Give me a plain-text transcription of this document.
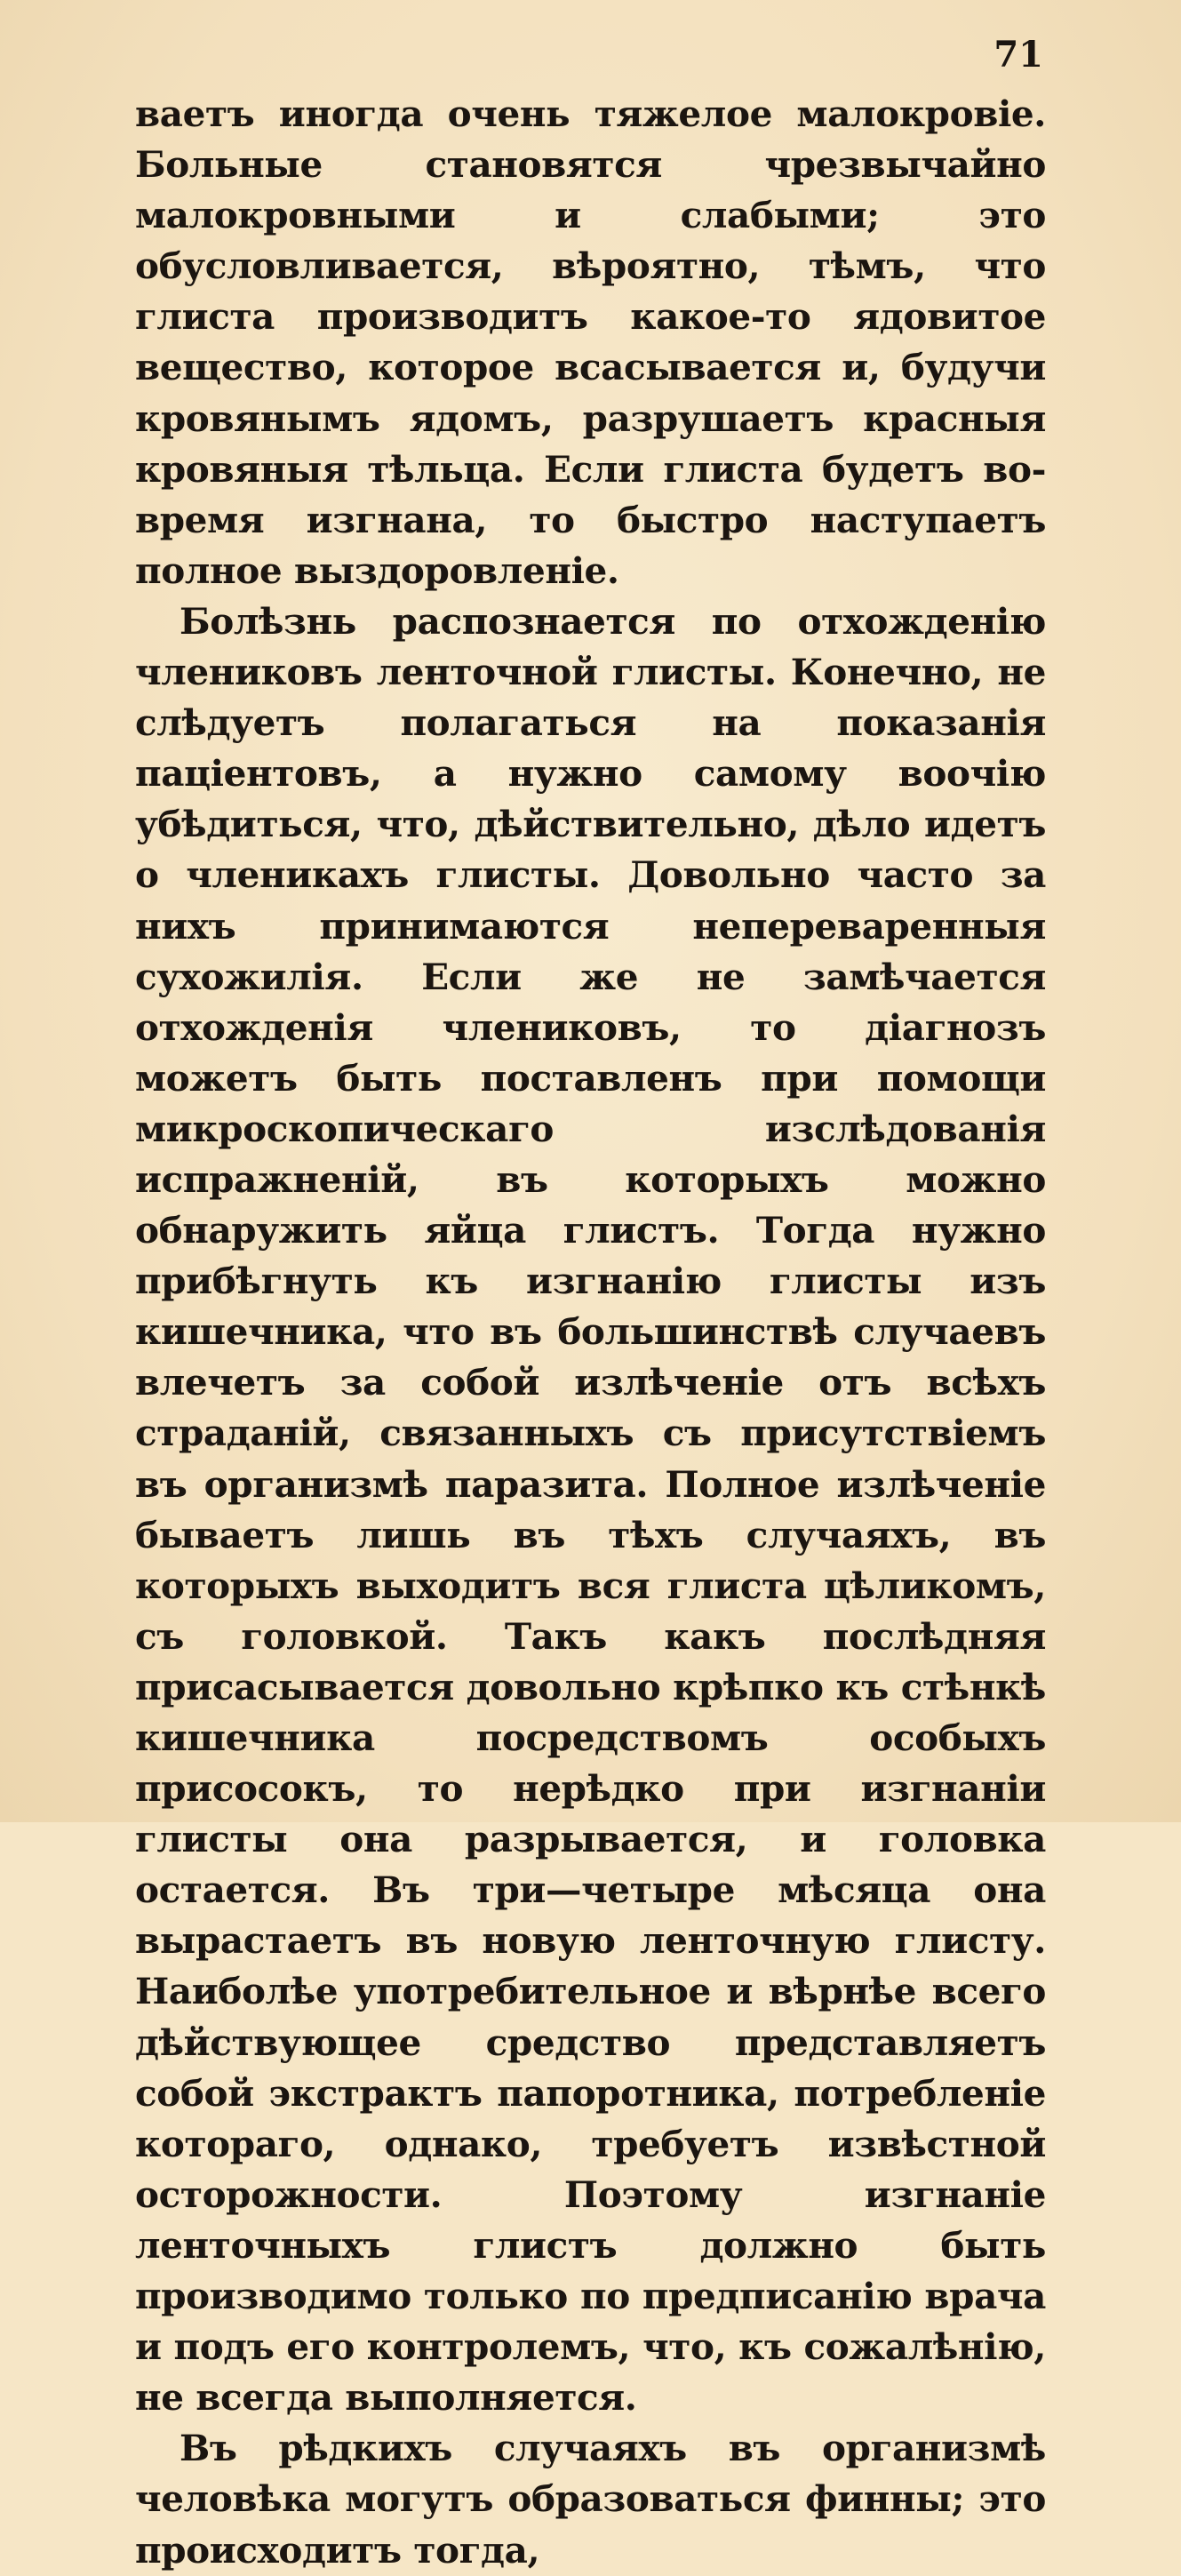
71

ваетъ иногда очень тяжелое малокровіе. Больные становятся чрезвычайно малокровными и слабыми; это обусловливается, вѣроятно, тѣмъ, что глиста производитъ какое-то ядовитое вещество, которое всасывается и, будучи кровянымъ ядомъ, разрушаетъ красныя кровяныя тѣльца. Если глиста будетъ во-время изгнана, то быстро наступаетъ полное выздоровленіе.

Болѣзнь распознается по отхожденію члениковъ ленточной глисты. Конечно, не слѣдуетъ полагаться на показанія паціентовъ, а нужно самому воочію убѣдиться, что, дѣйствительно, дѣло идетъ о членикахъ глисты. Довольно часто за нихъ принимаются непереваренныя сухожилія. Если же не замѣчается отхожденія члениковъ, то діагнозъ можетъ быть поставленъ при помощи микроскопическаго изслѣдованія испражненій, въ которыхъ можно обнаружить яйца глистъ. Тогда нужно прибѣгнуть къ изгнанію глисты изъ кишечника, что въ большинствѣ случаевъ влечетъ за собой излѣченіе отъ всѣхъ страданій, связанныхъ съ присутствіемъ въ организмѣ паразита. Полное излѣченіе бываетъ лишь въ тѣхъ случаяхъ, въ которыхъ выходитъ вся глиста цѣликомъ, съ головкой. Такъ какъ послѣдняя присасывается довольно крѣпко къ стѣнкѣ кишечника посредствомъ особыхъ присосокъ, то нерѣдко при изгнаніи глисты она разрывается, и головка остается. Въ три—четыре мѣсяца она вырастаетъ въ новую ленточную глисту. Наиболѣе употребительное и вѣрнѣе всего дѣйствующее средство представляетъ собой экстрактъ папоротника, потребленіе котораго, однако, требуетъ извѣстной осторожности. Поэтому изгнаніе ленточныхъ глистъ должно быть производимо только по предписанію врача и подъ его контролемъ, что, къ сожалѣнію, не всегда выполняется.

Въ рѣдкихъ случаяхъ въ организмѣ человѣка могутъ образоваться финны; это происходитъ тогда,
